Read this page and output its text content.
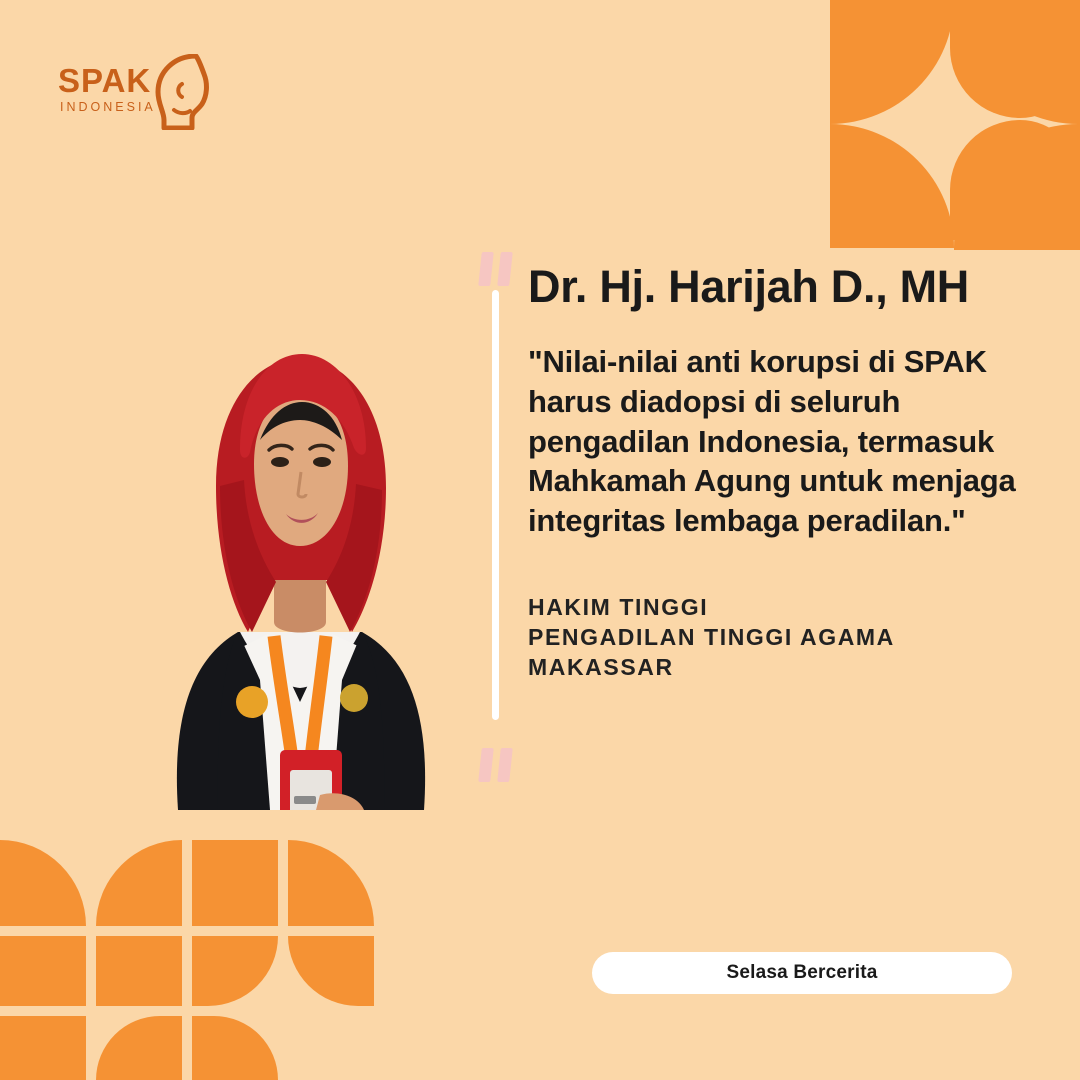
SPAK
INDONESIA
Dr. Hj. Harijah D., MH
"Nilai-nilai anti korupsi di SPAK harus diadopsi di seluruh pengadilan Indonesia, termasuk Mahkamah Agung untuk menjaga integritas lembaga peradilan."
HAKIM TINGGI
PENGADILAN TINGGI AGAMA
MAKASSAR
Selasa Bercerita
